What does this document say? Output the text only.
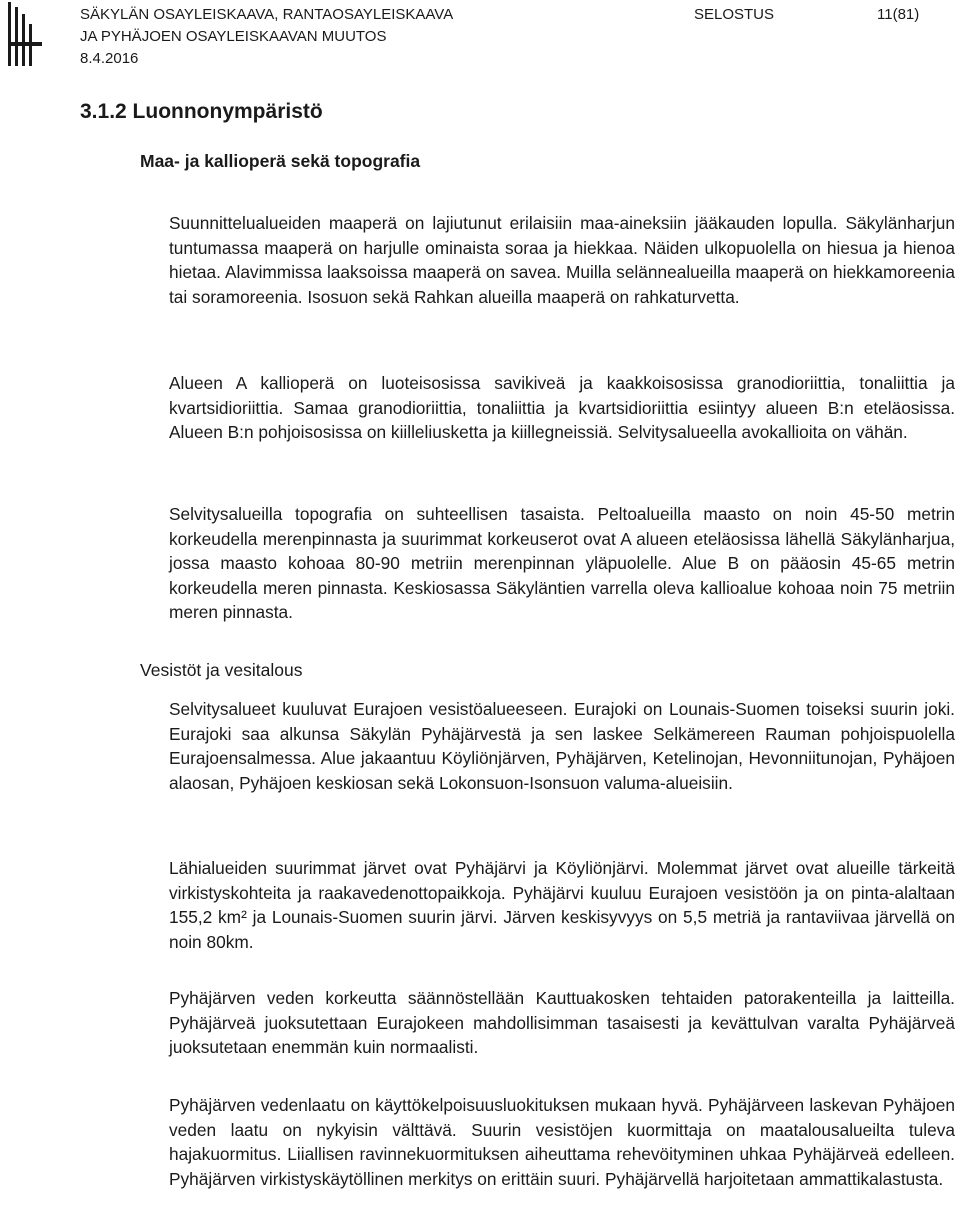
SÄKYLÄN OSAYLEISKAAVA, RANTAOSAYLEISKAAVA
JA PYHÄJOEN OSAYLEISKAAVAN MUUTOS
8.4.2016
SELOSTUS	11(81)
3.1.2 Luonnonympäristö
Maa- ja kallioperä sekä topografia

Suunnittelualueiden maaperä on lajiutunut erilaisiin maa-aineksiin jääkauden lopulla. Säkylänharjun tuntumassa maaperä on harjulle ominaista soraa ja hiekkaa. Näiden ulkopuolella on hiesua ja hienoa hietaa. Alavimmissa laaksoissa maaperä on savea. Muilla selännealueilla maaperä on hiekkamoreenia tai soramoreenia. Isosuon sekä Rahkan alueilla maaperä on rahkaturvetta.

Alueen A kallioperä on luoteisosissa savikiveä ja kaakkoisosissa granodioriittia, tonaliittia ja kvartsidioriittia. Samaa granodioriittia, tonaliittia ja kvartsidioriittia esiintyy alueen B:n eteläosissa. Alueen B:n pohjoisosissa on kiilleliusketta ja kiillegneissiä. Selvitysalueella avokallioita on vähän.

Selvitysalueilla topografia on suhteellisen tasaista. Peltoalueilla maasto on noin 45-50 metrin korkeudella merenpinnasta ja suurimmat korkeuserot ovat A alueen eteläosissa lähellä Säkylänharjua, jossa maasto kohoaa 80-90 metriin merenpinnan yläpuolelle. Alue B on pääosin 45-65 metrin korkeudella meren pinnasta. Keskiosassa Säkyläntien varrella oleva kallioalue kohoaa noin 75 metriin meren pinnasta.

Vesistöt ja vesitalous

Selvitysalueet kuuluvat Eurajoen vesistöalueeseen. Eurajoki on Lounais-Suomen toiseksi suurin joki. Eurajoki saa alkunsa Säkylän Pyhäjärvestä ja sen laskee Selkämereen Rauman pohjoispuolella Eurajoensalmessa. Alue jakaantuu Köyliönjärven, Pyhäjärven, Ketelinojan, Hevonniitunojan, Pyhäjoen alaosan, Pyhäjoen keskiosan sekä Lokonsuon-Isonsuon valuma-alueisiin.

Lähialueiden suurimmat järvet ovat Pyhäjärvi ja Köyliönjärvi. Molemmat järvet ovat alueille tärkeitä virkistyskohteita ja raakavedenottopaikkoja. Pyhäjärvi kuuluu Eurajoen vesistöön ja on pinta-alaltaan 155,2 km² ja Lounais-Suomen suurin järvi. Järven keskisyvyys on 5,5 metriä ja rantaviivaa järvellä on noin 80km.

Pyhäjärven veden korkeutta säännöstellään Kauttuakosken tehtaiden patorakenteilla ja laitteilla. Pyhäjärveä juoksutettaan Eurajokeen mahdollisimman tasaisesti ja kevättulvan varalta Pyhäjärveä juoksutetaan enemmän kuin normaalisti.

Pyhäjärven vedenlaatu on käyttökelpoisuusluokituksen mukaan hyvä. Pyhäjärveen laskevan Pyhäjoen veden laatu on nykyisin välttävä. Suurin vesistöjen kuormittaja on maatalousalueilta tuleva hajakuormitus. Liiallisen ravinnekuormituksen aiheuttama rehevöityminen uhkaa Pyhäjärveä edelleen. Pyhäjärven virkistyskäytöllinen merkitys on erittäin suuri. Pyhäjärvellä harjoitetaan ammattikalastusta.
